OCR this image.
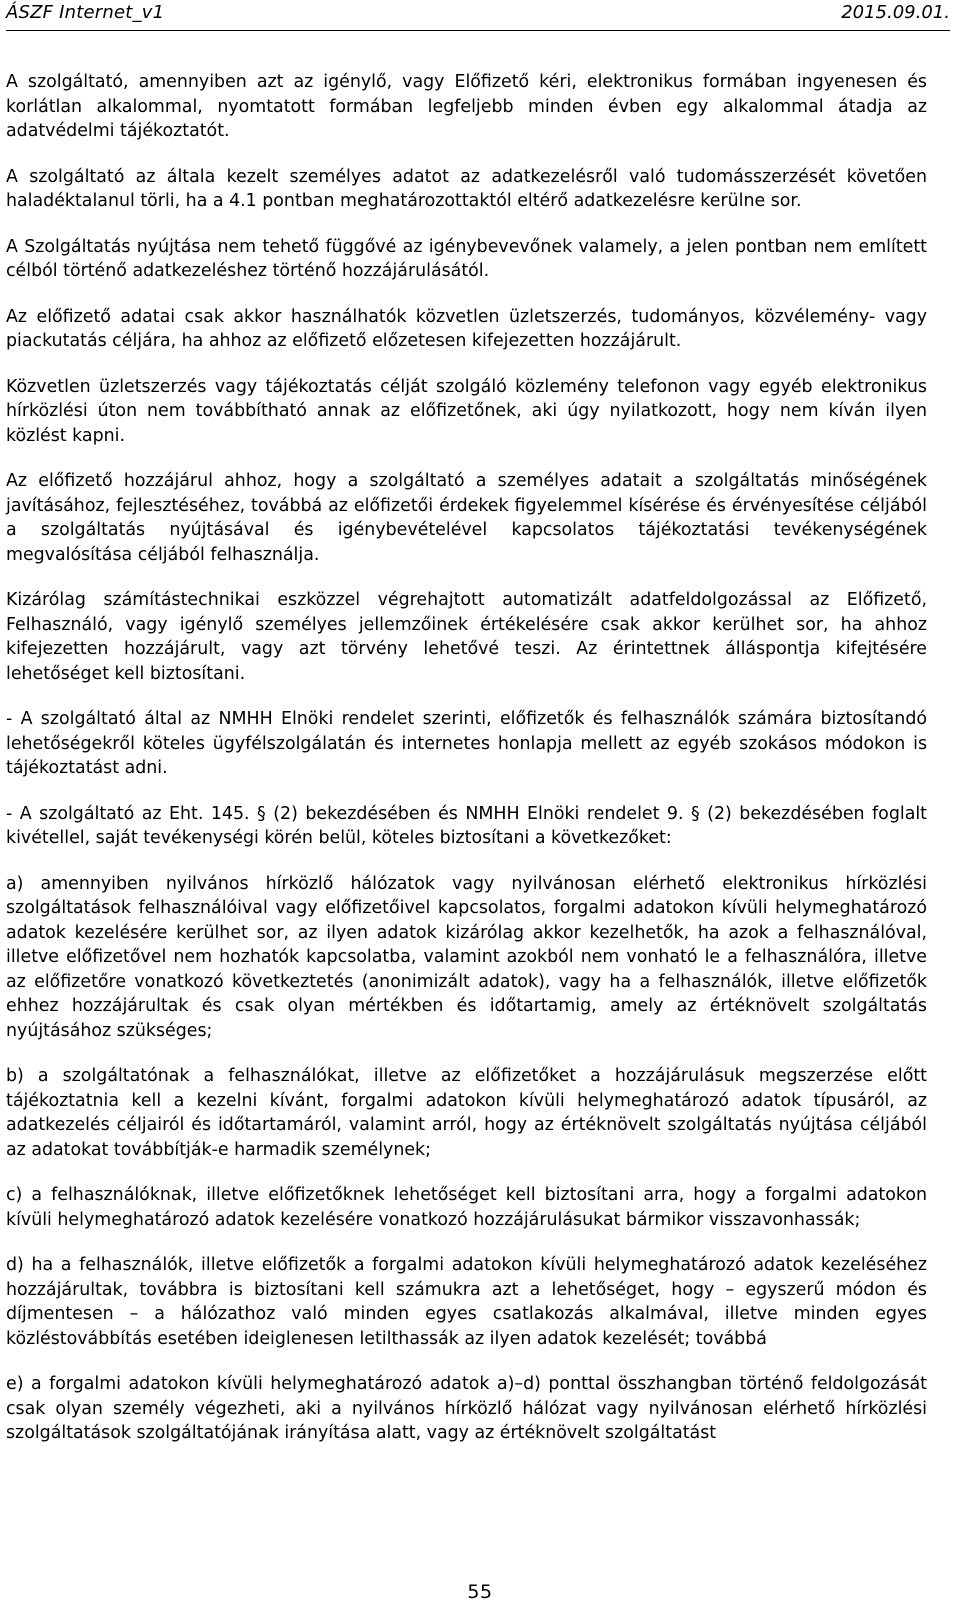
ÁSZF Internet_v1	2015.09.01.

A szolgáltató, amennyiben azt az igénylő, vagy Előfizető kéri, elektronikus formában ingyenesen és korlátlan alkalommal, nyomtatott formában legfeljebb minden évben egy alkalommal átadja az adatvédelmi tájékoztatót.

A szolgáltató az általa kezelt személyes adatot az adatkezelésről való tudomásszerzését követően haladéktalanul törli, ha a 4.1 pontban meghatározottaktól eltérő adatkezelésre kerülne sor.

A Szolgáltatás nyújtása nem tehető függővé az igénybevevőnek valamely, a jelen pontban nem említett célból történő adatkezeléshez történő hozzájárulásától.

Az előfizető adatai csak akkor használhatók közvetlen üzletszerzés, tudományos, közvélemény- vagy piackutatás céljára, ha ahhoz az előfizető előzetesen kifejezetten hozzájárult.

Közvetlen üzletszerzés vagy tájékoztatás célját szolgáló közlemény telefonon vagy egyéb elektronikus hírközlési úton nem továbbítható annak az előfizetőnek, aki úgy nyilatkozott, hogy nem kíván ilyen közlést kapni.

Az előfizető hozzájárul ahhoz, hogy a szolgáltató a személyes adatait a szolgáltatás minőségének javításához, fejlesztéséhez, továbbá az előfizetői érdekek figyelemmel kísérése és érvényesítése céljából a szolgáltatás nyújtásával és igénybevételével kapcsolatos tájékoztatási tevékenységének megvalósítása céljából felhasználja.

Kizárólag számítástechnikai eszközzel végrehajtott automatizált adatfeldolgozással az Előfizető, Felhasználó, vagy igénylő személyes jellemzőinek értékelésére csak akkor kerülhet sor, ha ahhoz kifejezetten hozzájárult, vagy azt törvény lehetővé teszi. Az érintettnek álláspontja kifejtésére lehetőséget kell biztosítani.

- A szolgáltató által az NMHH Elnöki rendelet szerinti, előfizetők és felhasználók számára biztosítandó lehetőségekről köteles ügyfélszolgálatán és internetes honlapja mellett az egyéb szokásos módokon is tájékoztatást adni.

- A szolgáltató az Eht. 145. § (2) bekezdésében és NMHH Elnöki rendelet 9. § (2) bekezdésében foglalt kivétellel, saját tevékenységi körén belül, köteles biztosítani a következőket:

a) amennyiben nyilvános hírközlő hálózatok vagy nyilvánosan elérhető elektronikus hírközlési szolgáltatások felhasználóival vagy előfizetőivel kapcsolatos, forgalmi adatokon kívüli helymeghatározó adatok kezelésére kerülhet sor, az ilyen adatok kizárólag akkor kezelhetők, ha azok a felhasználóval, illetve előfizetővel nem hozhatók kapcsolatba, valamint azokból nem vonható le a felhasználóra, illetve az előfizetőre vonatkozó következtetés (anonimizált adatok), vagy ha a felhasználók, illetve előfizetők ehhez hozzájárultak és csak olyan mértékben és időtartamig, amely az értéknövelt szolgáltatás nyújtásához szükséges;

b) a szolgáltatónak a felhasználókat, illetve az előfizetőket a hozzájárulásuk megszerzése előtt tájékoztatnia kell a kezelni kívánt, forgalmi adatokon kívüli helymeghatározó adatok típusáról, az adatkezelés céljairól és időtartamáról, valamint arról, hogy az értéknövelt szolgáltatás nyújtása céljából az adatokat továbbítják-e harmadik személynek;

c) a felhasználóknak, illetve előfizetőknek lehetőséget kell biztosítani arra, hogy a forgalmi adatokon kívüli helymeghatározó adatok kezelésére vonatkozó hozzájárulásukat bármikor visszavonhassák;

d) ha a felhasználók, illetve előfizetők a forgalmi adatokon kívüli helymeghatározó adatok kezeléséhez hozzájárultak, továbbra is biztosítani kell számukra azt a lehetőséget, hogy – egyszerű módon és díjmentesen – a hálózathoz való minden egyes csatlakozás alkalmával, illetve minden egyes közléstovábbítás esetében ideiglenesen letilthassák az ilyen adatok kezelését; továbbá

e) a forgalmi adatokon kívüli helymeghatározó adatok a)–d) ponttal összhangban történő feldolgozását csak olyan személy végezheti, aki a nyilvános hírközlő hálózat vagy nyilvánosan elérhető hírközlési szolgáltatások szolgáltatójának irányítása alatt, vagy az értéknövelt szolgáltatást

55
